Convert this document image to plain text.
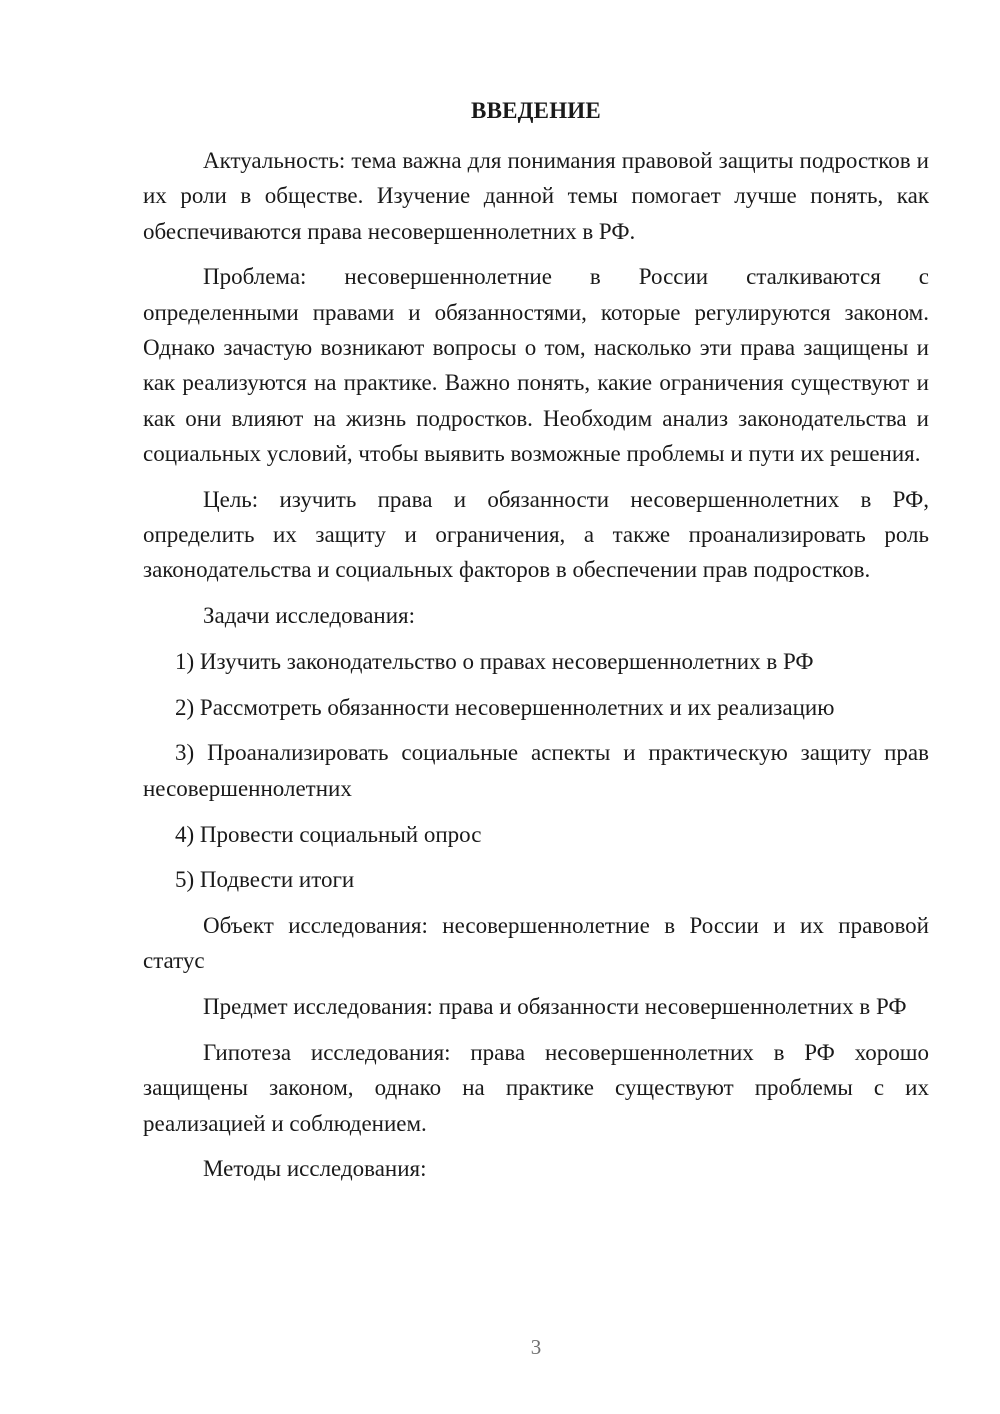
ВВЕДЕНИЕ

Актуальность: тема важна для понимания правовой защиты подростков и их роли в обществе. Изучение данной темы помогает лучше понять, как обеспечиваются права несовершеннолетних в РФ.

Проблема: несовершеннолетние в России сталкиваются с определенными правами и обязанностями, которые регулируются законом. Однако зачастую возникают вопросы о том, насколько эти права защищены и как реализуются на практике. Важно понять, какие ограничения существуют и как они влияют на жизнь подростков. Необходим анализ законодательства и социальных условий, чтобы выявить возможные проблемы и пути их решения.

Цель: изучить права и обязанности несовершеннолетних в РФ, определить их защиту и ограничения, а также проанализировать роль законодательства и социальных факторов в обеспечении прав подростков.

Задачи исследования:

1) Изучить законодательство о правах несовершеннолетних в РФ

2) Рассмотреть обязанности несовершеннолетних и их реализацию

3) Проанализировать социальные аспекты и практическую защиту прав несовершеннолетних

4) Провести социальный опрос

5) Подвести итоги

Объект исследования: несовершеннолетние в России и их правовой статус

Предмет исследования: права и обязанности несовершеннолетних в РФ

Гипотеза исследования: права несовершеннолетних в РФ хорошо защищены законом, однако на практике существуют проблемы с их реализацией и соблюдением.

Методы исследования:

3
